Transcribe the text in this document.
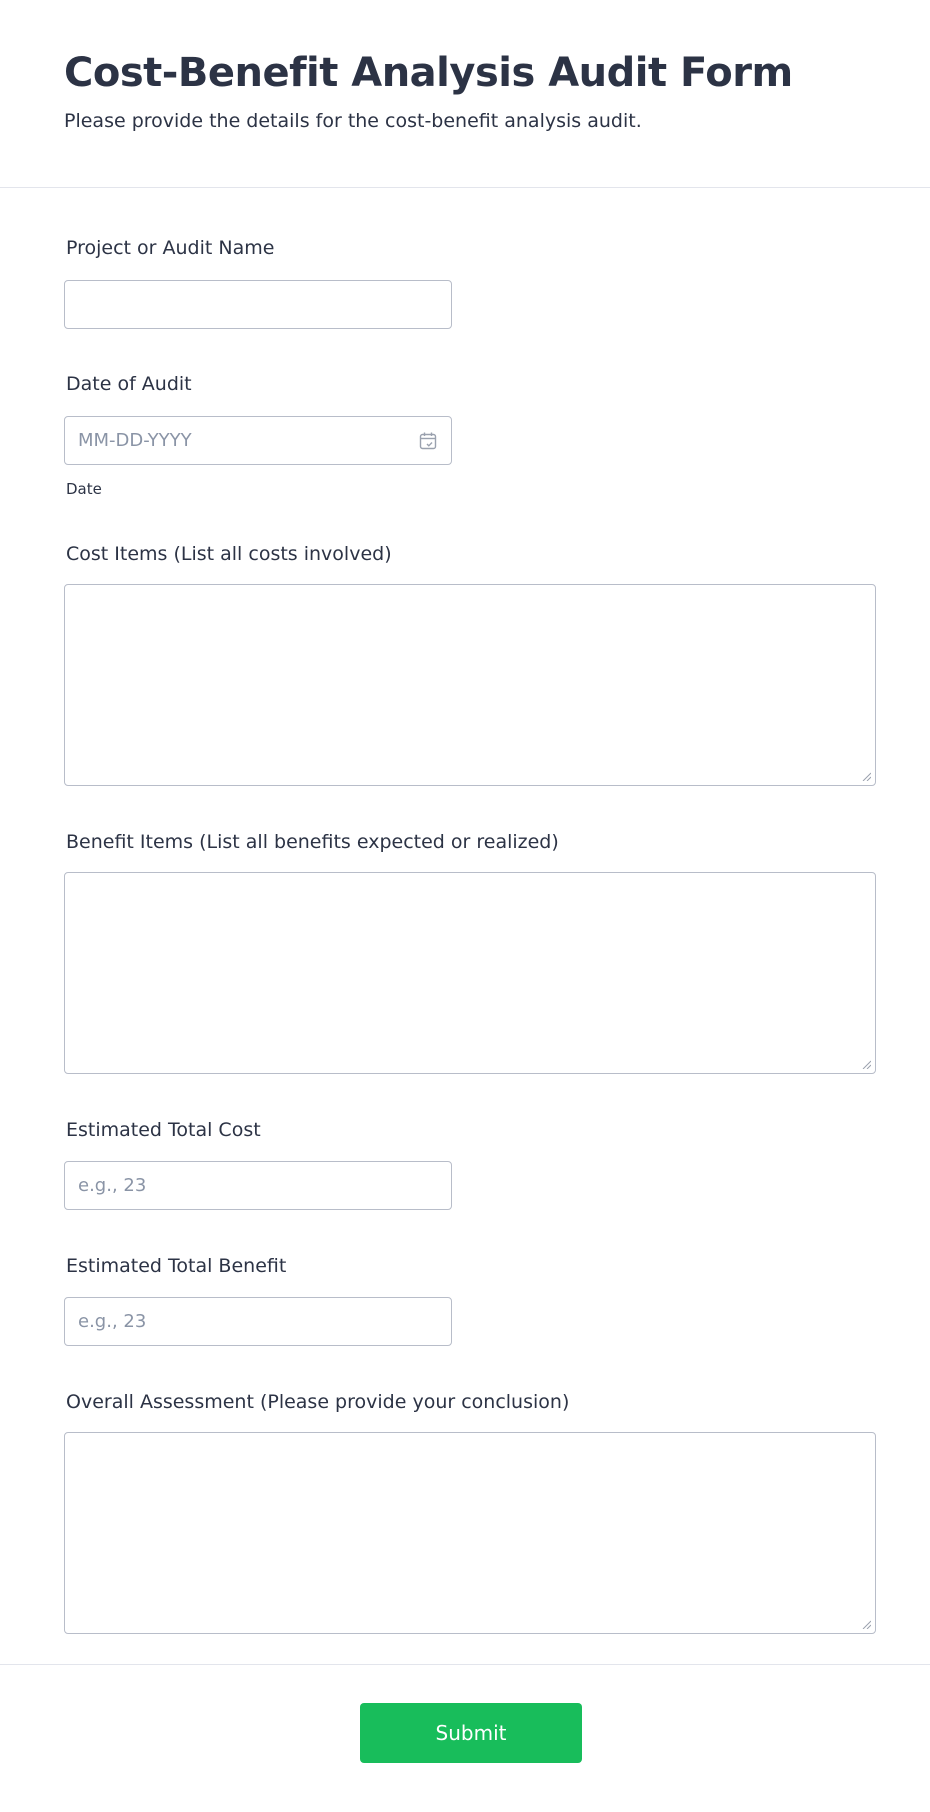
Cost-Benefit Analysis Audit Form

Please provide the details for the cost-benefit analysis audit.

Project or Audit Name
Date of Audit
MM-DD-YYYY
Date
Cost Items (List all costs involved)
Benefit Items (List all benefits expected or realized)
Estimated Total Cost
e.g., 23
Estimated Total Benefit
e.g., 23
Overall Assessment (Please provide your conclusion)
Submit
